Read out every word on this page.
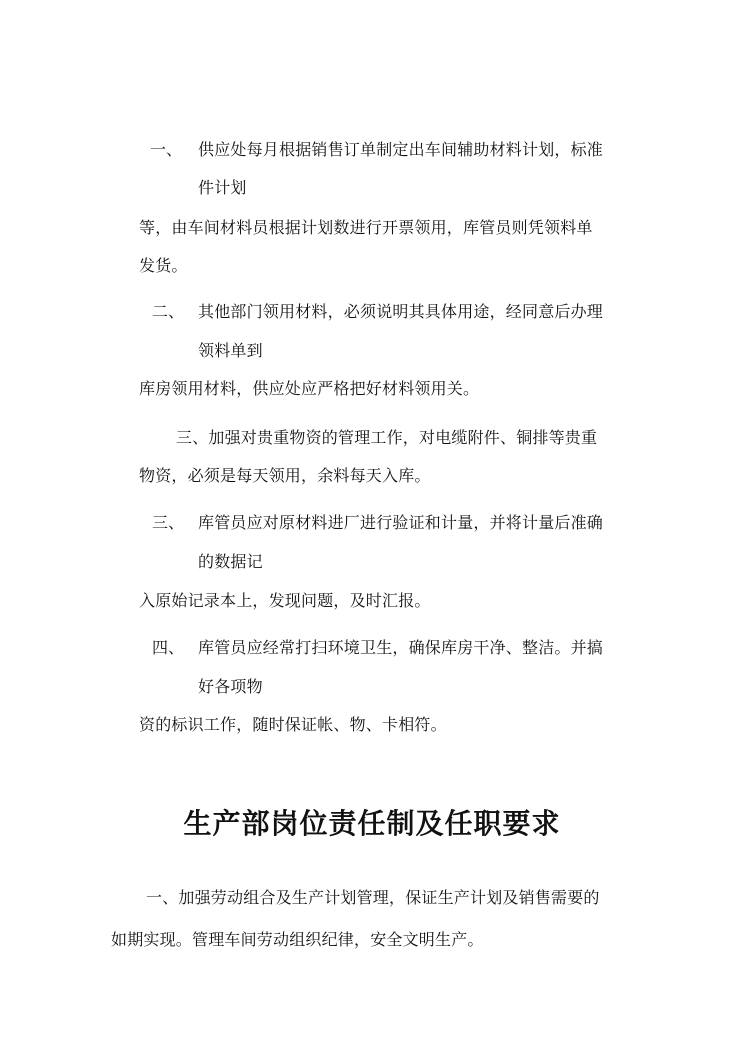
一、 供应处每月根据销售订单制定出车间辅助材料计划，标准
件计划
等，由车间材料员根据计划数进行开票领用，库管员则凭领料单
发货。
二、 其他部门领用材料，必须说明其具体用途，经同意后办理
领料单到
库房领用材料，供应处应严格把好材料领用关。
三、加强对贵重物资的管理工作，对电缆附件、铜排等贵重
物资，必须是每天领用，余料每天入库。
三、 库管员应对原材料进厂进行验证和计量，并将计量后准确
的数据记
入原始记录本上，发现问题，及时汇报。
四、 库管员应经常打扫环境卫生，确保库房干净、整洁。并搞
好各项物
资的标识工作，随时保证帐、物、卡相符。
生产部岗位责任制及任职要求
一、加强劳动组合及生产计划管理，保证生产计划及销售需要的
如期实现。管理车间劳动组织纪律，安全文明生产。
